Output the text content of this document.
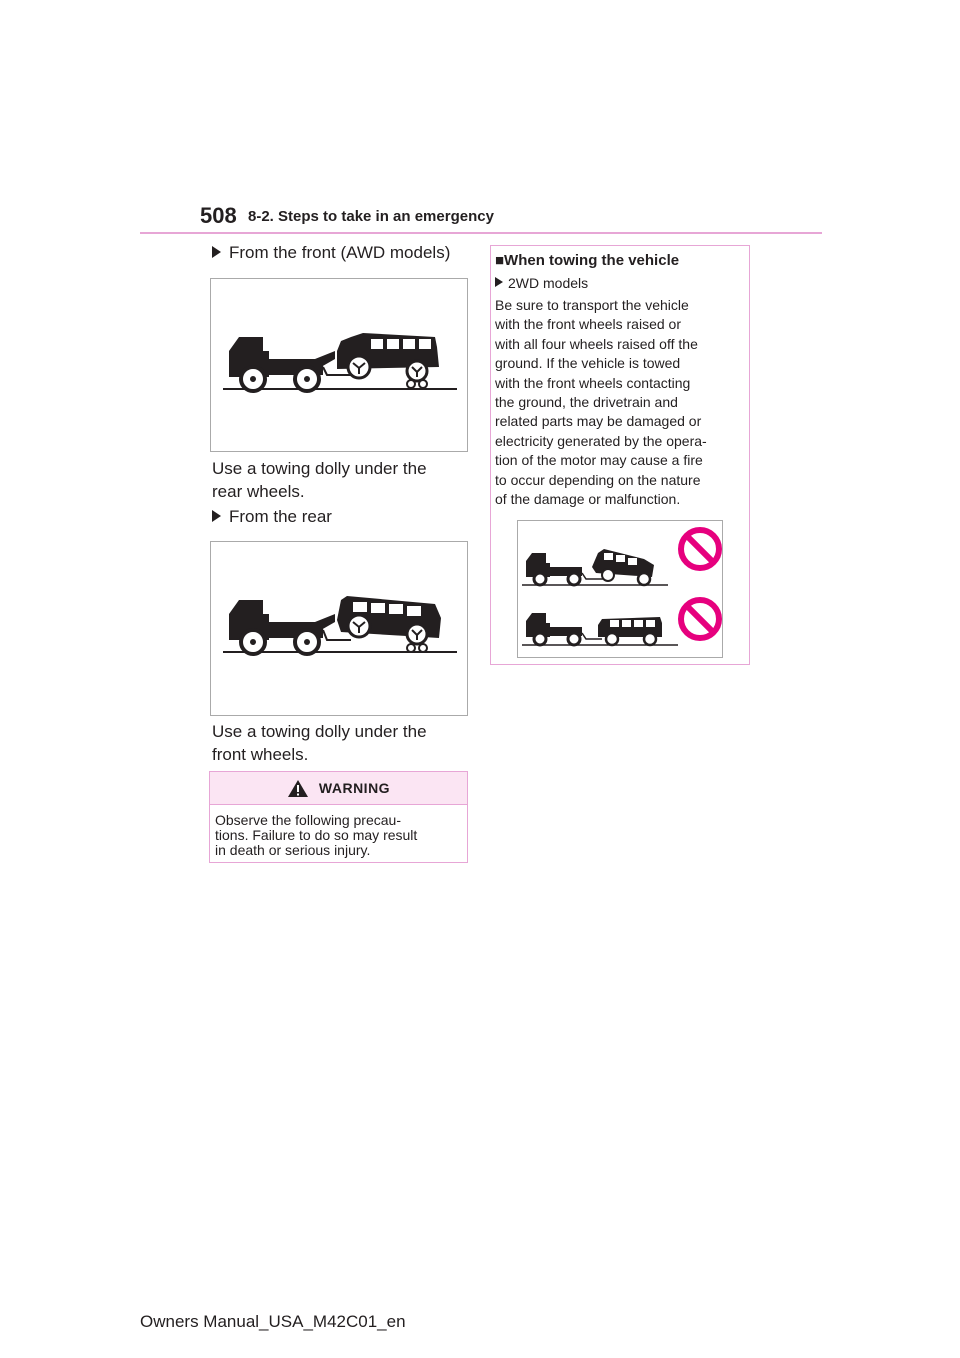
508 8-2. Steps to take in an emergency
From the front (AWD models)
Use a towing dolly under the
rear wheels.
From the rear
Use a towing dolly under the
front wheels.
WARNING
Observe the following precau-
tions. Failure to do so may result
in death or serious injury.
■When towing the vehicle
2WD models
Be sure to transport the vehicle
with the front wheels raised or
with all four wheels raised off the
ground. If the vehicle is towed
with the front wheels contacting
the ground, the drivetrain and
related parts may be damaged or
electricity generated by the opera-
tion of the motor may cause a fire
to occur depending on the nature
of the damage or malfunction.
Owners Manual_USA_M42C01_en
